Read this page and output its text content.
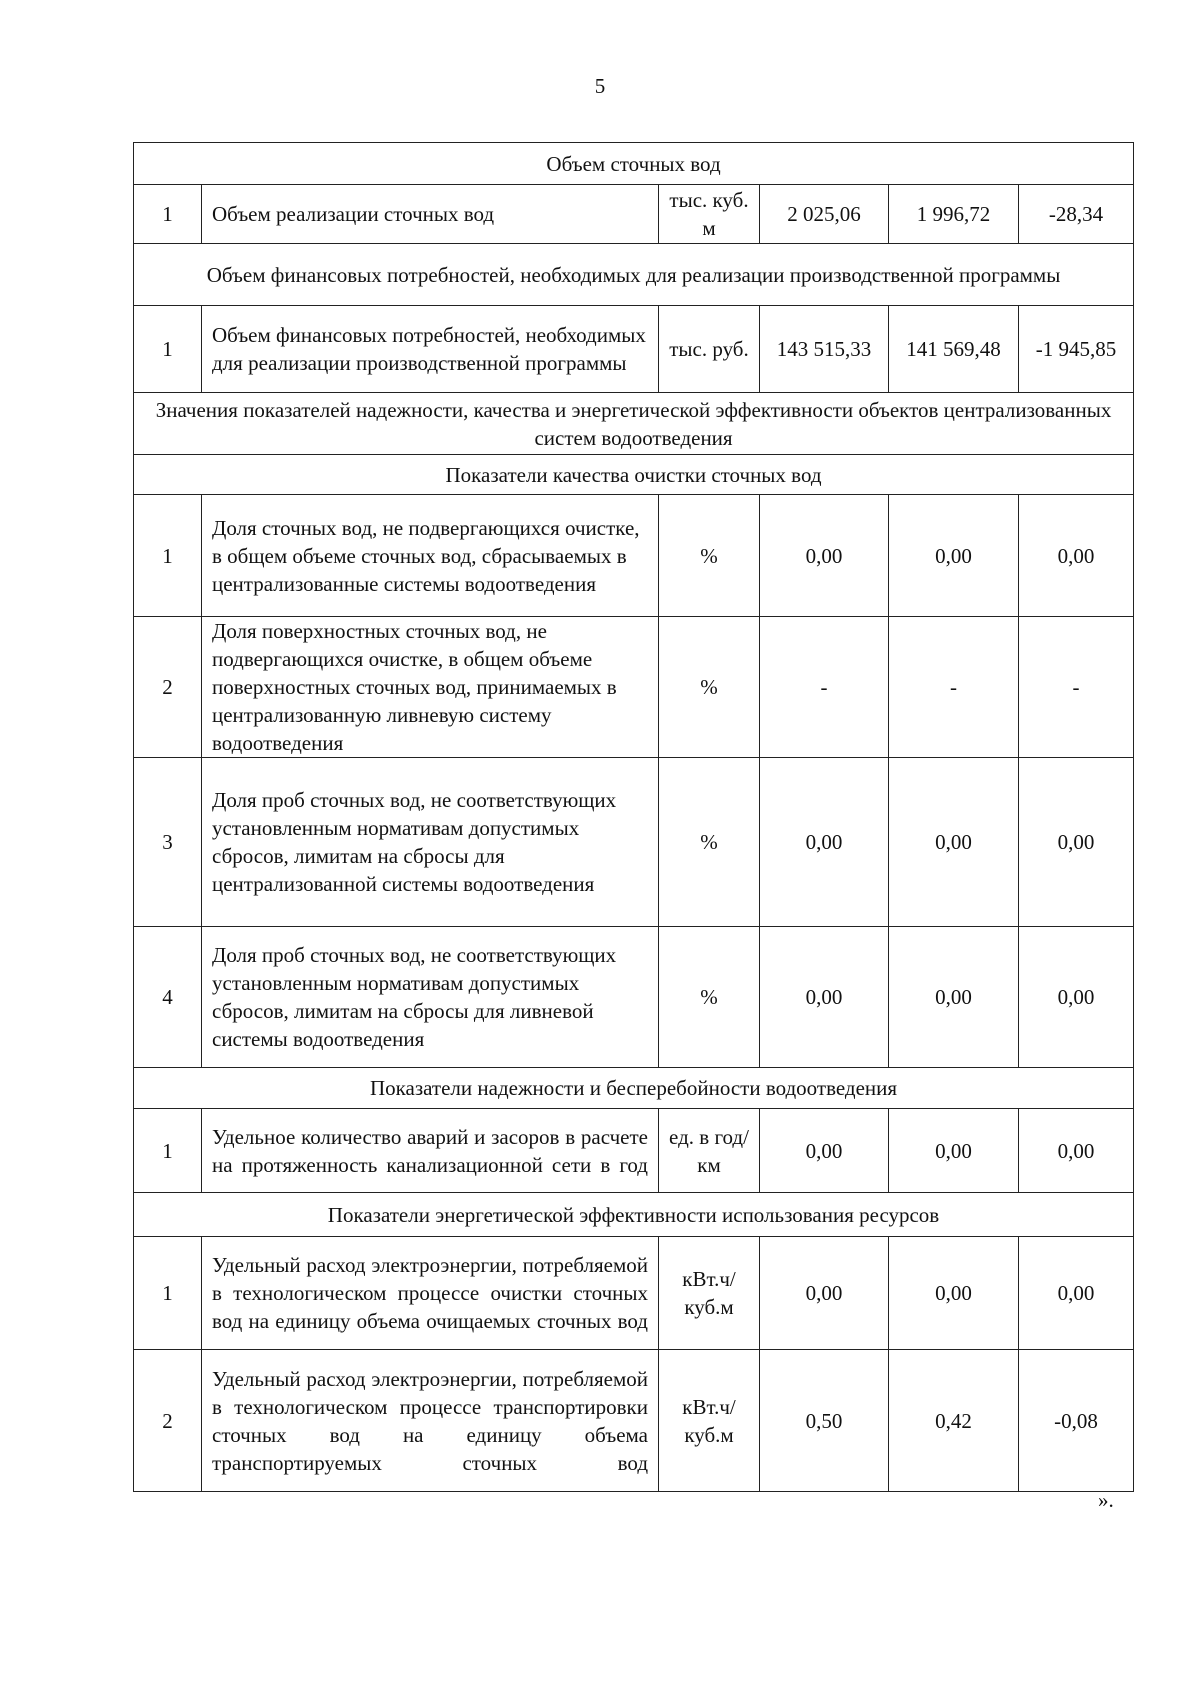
5
Объем сточных вод					
1	Объем реализации сточных вод	тыс. куб. м	2 025,06	1 996,72	-28,34
Объем финансовых потребностей, необходимых для реализации производственной программы					
1	Объем финансовых потребностей, необходимых для реализации производственной программы	тыс. руб.	143 515,33	141 569,48	-1 945,85
Значения показателей надежности, качества и энергетической эффективности объектов централизованных систем водоотведения					
Показатели качества очистки сточных вод					
1	Доля сточных вод, не подвергающихся очистке, в общем объеме сточных вод, сбрасываемых в централизованные системы водоотведения	%	0,00	0,00	0,00
2	Доля поверхностных сточных вод, не подвергающихся очистке, в общем объеме поверхностных сточных вод, принимаемых в централизованную ливневую систему водоотведения	%	-	-	-
3	Доля проб сточных вод, не соответствующих установленным нормативам допустимых сбросов, лимитам на сбросы для централизованной системы водоотведения	%	0,00	0,00	0,00
4	Доля проб сточных вод, не соответствующих установленным нормативам допустимых сбросов, лимитам на сбросы для ливневой системы водоотведения	%	0,00	0,00	0,00
Показатели надежности и бесперебойности водоотведения					
1	Удельное количество аварий и засоров в расчете на протяженность канализационной сети в год	ед. в год/ км	0,00	0,00	0,00
Показатели энергетической эффективности использования ресурсов					
1	Удельный расход электроэнергии, потребляемой в технологическом процессе очистки сточных вод на единицу объема очищаемых сточных вод	кВт.ч/ куб.м	0,00	0,00	0,00
2	Удельный расход электроэнергии, потребляемой в технологическом процессе транспортировки сточных вод на единицу объема транспортируемых сточных вод	кВт.ч/ куб.м	0,50	0,42	-0,08
».
